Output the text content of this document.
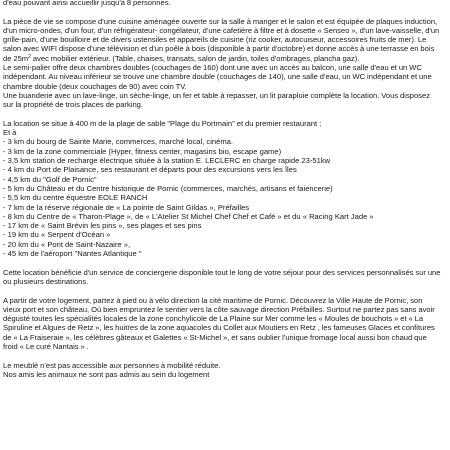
d'eau pouvant ainsi accueillir jusqu'à 8 personnes.

La pièce de vie se compose d'une cuisine aménagée ouverte sur la salle à manger et le salon et est équipée de plaques induction, d'un micro-ondes, d'un four, d'un réfrigérateur- congélateur, d'une cafetière à filtre et à dosette « Senseo », d'un lave-vaisselle, d'un grille-pain, d'une bouilloire et de divers ustensiles et appareils de cuisine (riz cooker, autocuiseur, accessoires fruits de mer). Le salon avec WIFI dispose d'une télévision et d'un poêle à bois (disponible à partir d'octobre) et donne accès à une terrasse en bois de $25m^2$ avec mobilier extérieur. (Table, chaises, transats, salon de jardin, toiles d'ombrages, plancha gaz).

Le semi-palier offre deux chambres doubles (couchages de 160) dont une avec un accès au balcon, une salle d'eau et un WC indépendant. Au niveau inférieur se trouve une chambre double (couchages de 140), une salle d'eau, un WC indépendant et une chambre double (deux couchages de 90) avec coin TV.

Une buanderie avec un lave-linge, un sèche-linge, un fer et table à repasser, un lit parapluie complète la location. Vous disposez sur la propriété de trois places de parking.

La location se situe à 400 m de la plage de sable "Plage du Portmain" et du premier restaurant ;

Et à

- 3 km du bourg de Sainte Marie, commerces, marché local, cinéma.

- 3 km de la zone commerciale (Hyper, fitness center, magasins bio, escape game)

- 3,5 km station de recharge électrique située à la station E. LECLERC en charge rapide 23-51kw

- 4 km du Port de Plaisance, ses restaurant et départs pour des excursions vers les îles

- 4,5 km du "Golf de Pornic"

- 5 km du Château et du Centre historique de Pornic (commerces, marchés, artisans et faiencerie)

- 5,5 km du centre équestre EOLE RANCH

- 7 km de la réserve régionale de « La pointe de Saint Gildas », Préfailles

- 8 km du Centre de « Tharon-Plage », de « L'Atelier St Michel Chef Chef et Café » et du « Racing Kart Jade »

- 17 km de « Saint Brévin les pins », ses plages et ses pins

- 19 km du « Serpent d'Océan »

- 20 km du « Pont de Saint-Nazaire »,

- 45 km de l'aéroport "Nantes Atlantique "

Cette location bénéficie d'un service de conciergerie disponible tout le long de votre séjour pour des services personnalisés sur une ou plusieurs destinations.

A partir de votre logement, partez à pied ou à vélo direction la cité maritime de Pornic. Découvrez la Ville Haute de Pornic, son vieux port et son château, Où bien empruntez le sentier vers la côte sauvage direction Préfailles. Surtout ne partez pas sans avoir dégusté toutes les spécialités locales de la zone conchylicole de La Plaine sur Mer comme les « Moules de bouchots » et « La Spiruline et Algues de Retz », les huitres de la zone aquacoles du Collet aux Moutiers en Retz , les fameuses Glaces et confitures de « La Fraiseraie », les célèbres gâteaux et Galettes « St-Michel », et sans oublier l'unique fromage local aussi bon chaud que froid « Le curé Nantais » .

Le meublé n'est pas accessible aux personnes à mobilité réduite.

Nos amis les animaux ne sont pas admis au sein du logement
